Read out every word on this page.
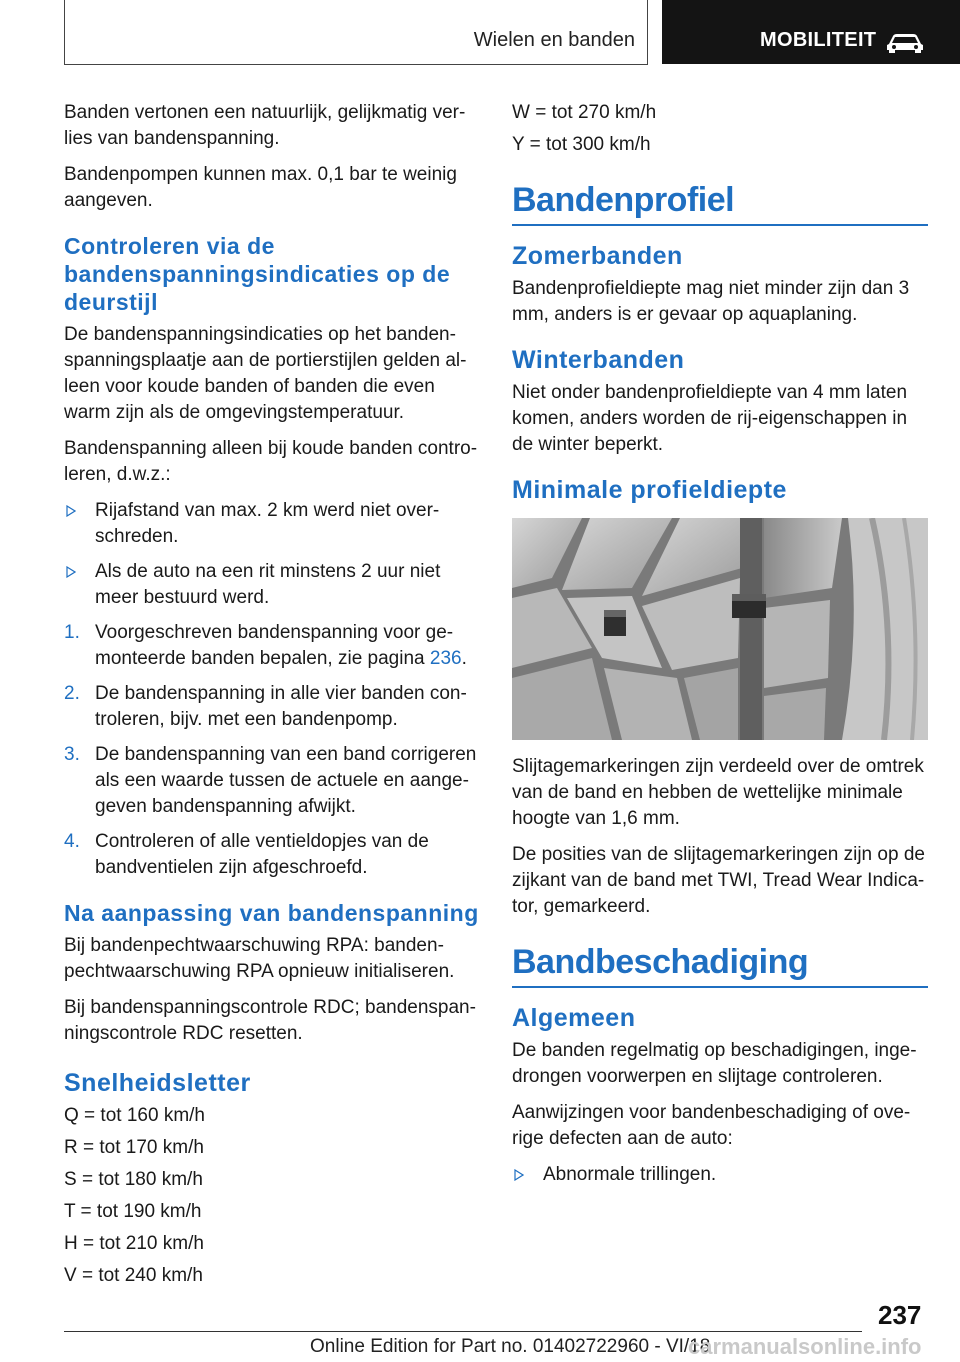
Wielen en banden	MOBILITEIT

Banden vertonen een natuurlijk, gelijkmatig verlies van bandenspanning.

Bandenpompen kunnen max. 0,1 bar te weinig aangeven.

Controleren via de bandenspanningsindicaties op de deurstijl

De bandenspanningsindicaties op het bandenspanningsplaatje aan de portierstijlen gelden alleen voor koude banden of banden die even warm zijn als de omgevingstemperatuur.

Bandenspanning alleen bij koude banden controleren, d.w.z.:

Rijafstand van max. 2 km werd niet overschreden.
Als de auto na een rit minstens 2 uur niet meer bestuurd werd.
1. Voorgeschreven bandenspanning voor gemonteerde banden bepalen, zie pagina 236.
2. De bandenspanning in alle vier banden controleren, bijv. met een bandenpomp.
3. De bandenspanning van een band corrigeren als een waarde tussen de actuele en aangegeven bandenspanning afwijkt.
4. Controleren of alle ventieldopjes van de bandventielen zijn afgeschroefd.
Na aanpassing van bandenspanning

Bij bandenpechtwaarschuwing RPA: bandenpechtwaarschuwing RPA opnieuw initialiseren.

Bij bandenspanningscontrole RDC; bandenspanningscontrole RDC resetten.

Snelheidsletter

Q = tot 160 km/h

R = tot 170 km/h

S = tot 180 km/h

T = tot 190 km/h

H = tot 210 km/h

V = tot 240 km/h

W = tot 270 km/h

Y = tot 300 km/h

Bandenprofiel
Zomerbanden

Bandenprofieldiepte mag niet minder zijn dan 3 mm, anders is er gevaar op aquaplaning.

Winterbanden

Niet onder bandenprofieldiepte van 4 mm laten komen, anders worden de rij-eigenschappen in de winter beperkt.

Minimale profieldiepte

Slijtagemarkeringen zijn verdeeld over de omtrek van de band en hebben de wettelijke minimale hoogte van 1,6 mm.

De posities van de slijtagemarkeringen zijn op de zijkant van de band met TWI, Tread Wear Indicator, gemarkeerd.

Bandbeschadiging
Algemeen

De banden regelmatig op beschadigingen, ingedrongen voorwerpen en slijtage controleren.

Aanwijzingen voor bandenbeschadiging of overige defecten aan de auto:

Abnormale trillingen.
237
Online Edition for Part no. 01402722960 - VI/18
carmanualsonline.info
